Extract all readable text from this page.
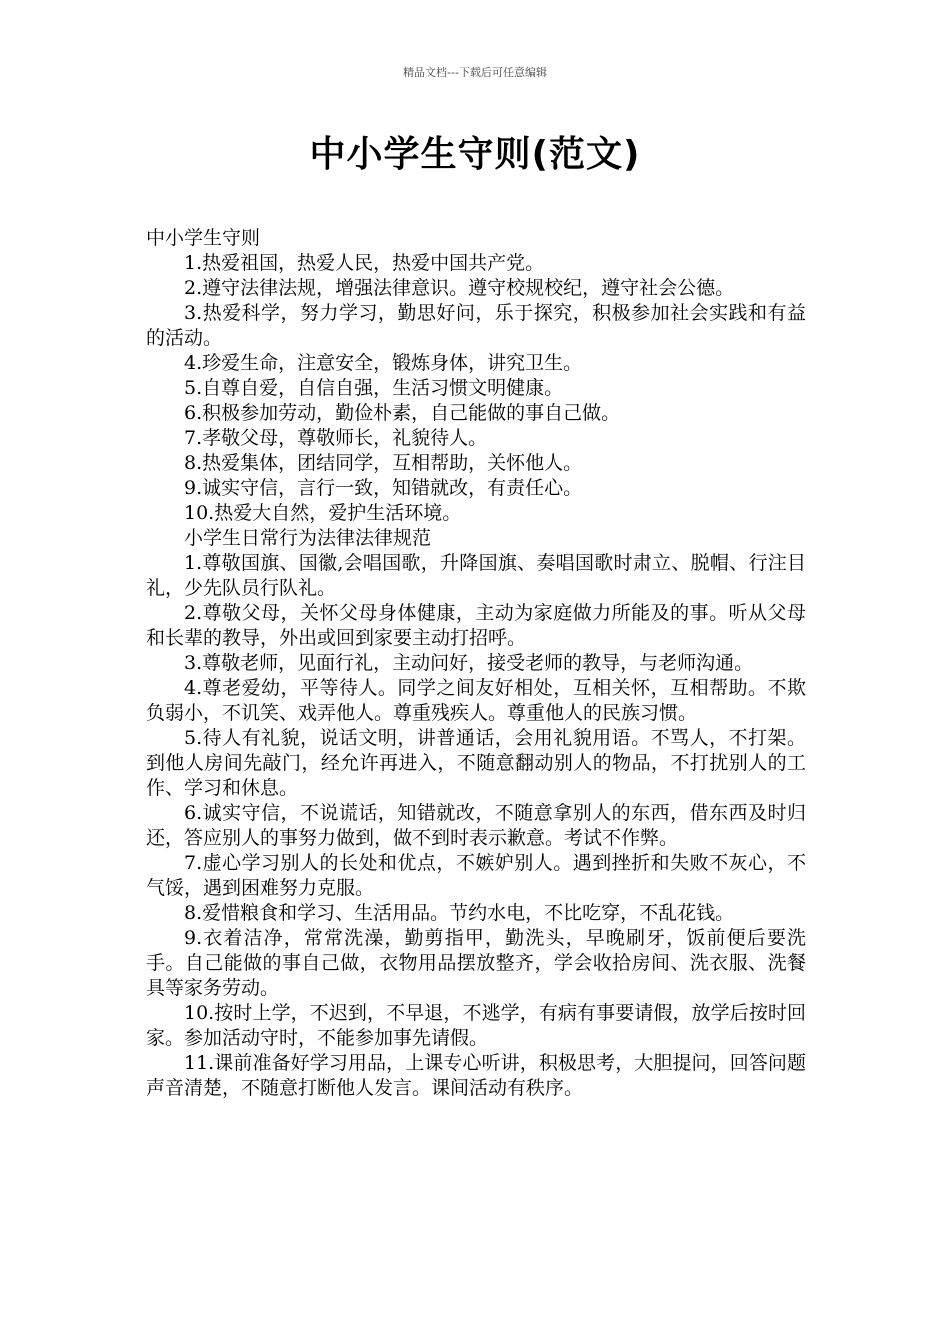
精品文档---下载后可任意编辑
中小学生守则(范文)

中小学生守则

1.热爱祖国，热爱人民，热爱中国共产党。

2.遵守法律法规，增强法律意识。遵守校规校纪，遵守社会公德。

3.热爱科学，努力学习，勤思好问，乐于探究，积极参加社会实践和有益的活动。

4.珍爱生命，注意安全，锻炼身体，讲究卫生。

5.自尊自爱，自信自强，生活习惯文明健康。

6.积极参加劳动，勤俭朴素，自己能做的事自己做。

7.孝敬父母，尊敬师长，礼貌待人。

8.热爱集体，团结同学，互相帮助，关怀他人。

9.诚实守信，言行一致，知错就改，有责任心。

10.热爱大自然，爱护生活环境。

小学生日常行为法律法律规范

1.尊敬国旗、国徽,会唱国歌，升降国旗、奏唱国歌时肃立、脱帽、行注目礼，少先队员行队礼。

2.尊敬父母，关怀父母身体健康，主动为家庭做力所能及的事。听从父母和长辈的教导，外出或回到家要主动打招呼。

3.尊敬老师，见面行礼，主动问好，接受老师的教导，与老师沟通。

4.尊老爱幼，平等待人。同学之间友好相处，互相关怀，互相帮助。不欺负弱小，不讥笑、戏弄他人。尊重残疾人。尊重他人的民族习惯。

5.待人有礼貌，说话文明，讲普通话，会用礼貌用语。不骂人，不打架。到他人房间先敲门，经允许再进入，不随意翻动别人的物品，不打扰别人的工作、学习和休息。

6.诚实守信，不说谎话，知错就改，不随意拿别人的东西，借东西及时归还，答应别人的事努力做到，做不到时表示歉意。考试不作弊。

7.虚心学习别人的长处和优点，不嫉妒别人。遇到挫折和失败不灰心，不气馁，遇到困难努力克服。

8.爱惜粮食和学习、生活用品。节约水电，不比吃穿，不乱花钱。

9.衣着洁净，常常洗澡，勤剪指甲，勤洗头，早晚刷牙，饭前便后要洗手。自己能做的事自己做，衣物用品摆放整齐，学会收拾房间、洗衣服、洗餐具等家务劳动。

10.按时上学，不迟到，不早退，不逃学，有病有事要请假，放学后按时回家。参加活动守时，不能参加事先请假。

11.课前准备好学习用品，上课专心听讲，积极思考，大胆提问，回答问题声音清楚，不随意打断他人发言。课间活动有秩序。
